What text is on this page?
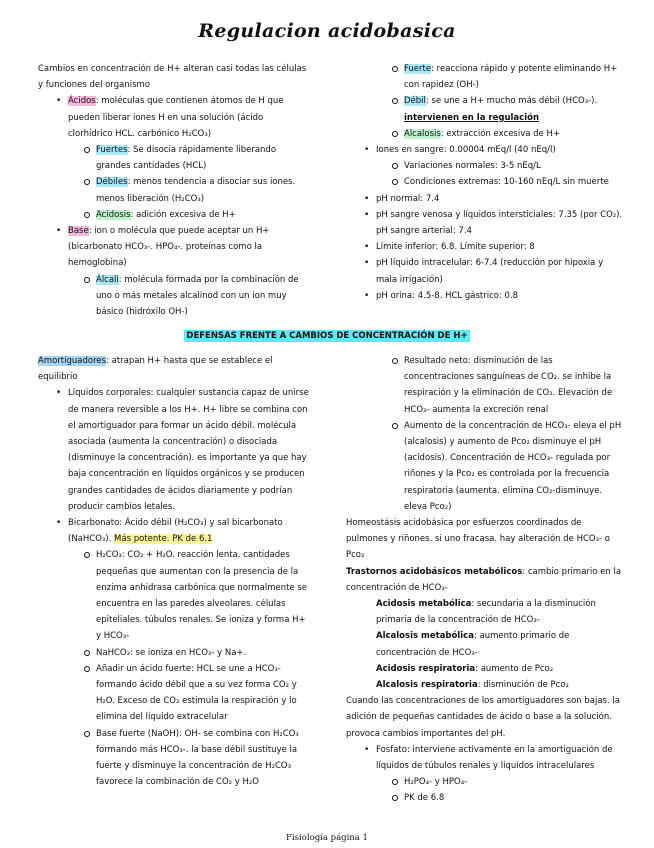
Regulacion acidobasica

Cambios en concentración de H+ alteran casi todas las células y funciones del organismo

• Ácidos: moléculas que contienen átomos de H que pueden liberar iones H en una solución (ácido clorhídrico HCL. carbónico H₂CO₃)
Fuertes: Se disocia rápidamente liberando grandes cantidades (HCL)
Débiles: menos tendencia a disociar sus iones. menos liberación (H₂CO₃)
Acidosis: adición excesiva de H+
• Base: ion o molécula que puede aceptar un H+ (bicarbonato HCO₃-. HPO₄-. proteínas como la hemoglobina)
Álcali: molécula formada por la combinación de uno o más metales alcalinod con un ion muy básico (hidróxilo OH-)
Fuerte: reacciona rápido y potente eliminando H+ con rapidez (OH-)
Débil: se une a H+ mucho más débil (HCO₃-). intervienen en la regulación
Alcalosis: extracción excesiva de H+
• Iones en sangre: 0.00004 mEq/l (40 nEq/l)
Variaciones normales: 3-5 nEq/L
Condiciones extremas: 10-160 nEq/L sin muerte
• pH normal: 7.4
• pH sangre venosa y líquidos intersticiales: 7.35 (por CO₂). pH sangre arterial: 7.4
• Límite inferior: 6.8. Límite superior: 8
• pH líquido intracelular: 6-7.4 (reducción por hipoxia y mala irrigación)
• pH orina: 4.5-8. HCL gástrico: 0.8
DEFENSAS FRENTE A CAMBIOS DE CONCENTRACIÓN DE H+

Amortiguadores: atrapan H+ hasta que se establece el equilibrio

• Líquidos corporales: cualquier sustancia capaz de unirse de manera reversible a los H+. H+ libre se combina con el amortiguador para formar un ácido débil. molécula asociada (aumenta la concentración) o disociada (disminuye la concentración). es importante ya que hay baja concentración en líquidos orgánicos y se producen grandes cantidades de ácidos diariamente y podrían producir cambios letales.
• Bicarbonato: Ácido débil (H₂CO₃) y sal bicarbonato (NaHCO₃). Más potente. PK de 6.1
H₂CO₃: CO₂ + H₂O. reacción lenta. cantidades pequeñas que aumentan con la presencia de la enzima anhidrasa carbónica que normalmente se encuentra en las paredes alveolares. células epiteliales. túbulos renales. Se ioniza y forma H+ y HCO₃-
NaHCO₃: se ioniza en HCO₃- y Na+.
Añadir un ácido fuerte: HCL se une a HCO₃- formando ácido débil que a su vez forma CO₂ y H₂O. Exceso de CO₂ estimula la respiración y lo elimina del líquido extracelular
Base fuerte (NaOH): OH- se combina con H₂CO₃ formando más HCO₃-. la base débil sustituye la fuerte y disminuye la concentración de H₂CO₃ favorece la combinación de CO₂ y H₂O
Resultado neto: disminución de las concentraciones sanguíneas de CO₂. se inhibe la respiración y la eliminación de CO₂. Elevación de HCO₃- aumenta la excreción renal
Aumento de la concentración de HCO₃- eleva el pH (alcalosis) y aumento de Pco₂ disminuye el pH (acidosis). Concentración de HCO₃- regulada por riñones y la Pco₂ es controlada por la frecuencia respiratoria (aumenta. elimina CO₂-disminuye. eleva Pco₂)

Homeostásis acidobásica por esfuerzos coordinados de pulmones y riñones. si uno fracasa. hay alteración de HCO₃- o Pco₂

Trastornos acidobásicos metabólicos: cambio primario en la concentración de HCO₃-

Acidosis metabólica: secundaria a la disminución primaria de la concentración de HCO₃-

Alcalosis metabólica: aumento primario de concentración de HCO₃-

Acidosis respiratoria: aumento de Pco₂

Alcalosis respiratoria: disminución de Pco₂

Cuando las concentraciones de los amortiguadores son bajas. la adición de pequeñas cantidades de ácido o base a la solución. provoca cambios importantes del pH.

• Fosfato: interviene activamente en la amortiguación de líquidos de túbulos renales y líquidos intracelulares
H₂PO₄- y HPO₄-
PK de 6.8
Fisiología página 1
